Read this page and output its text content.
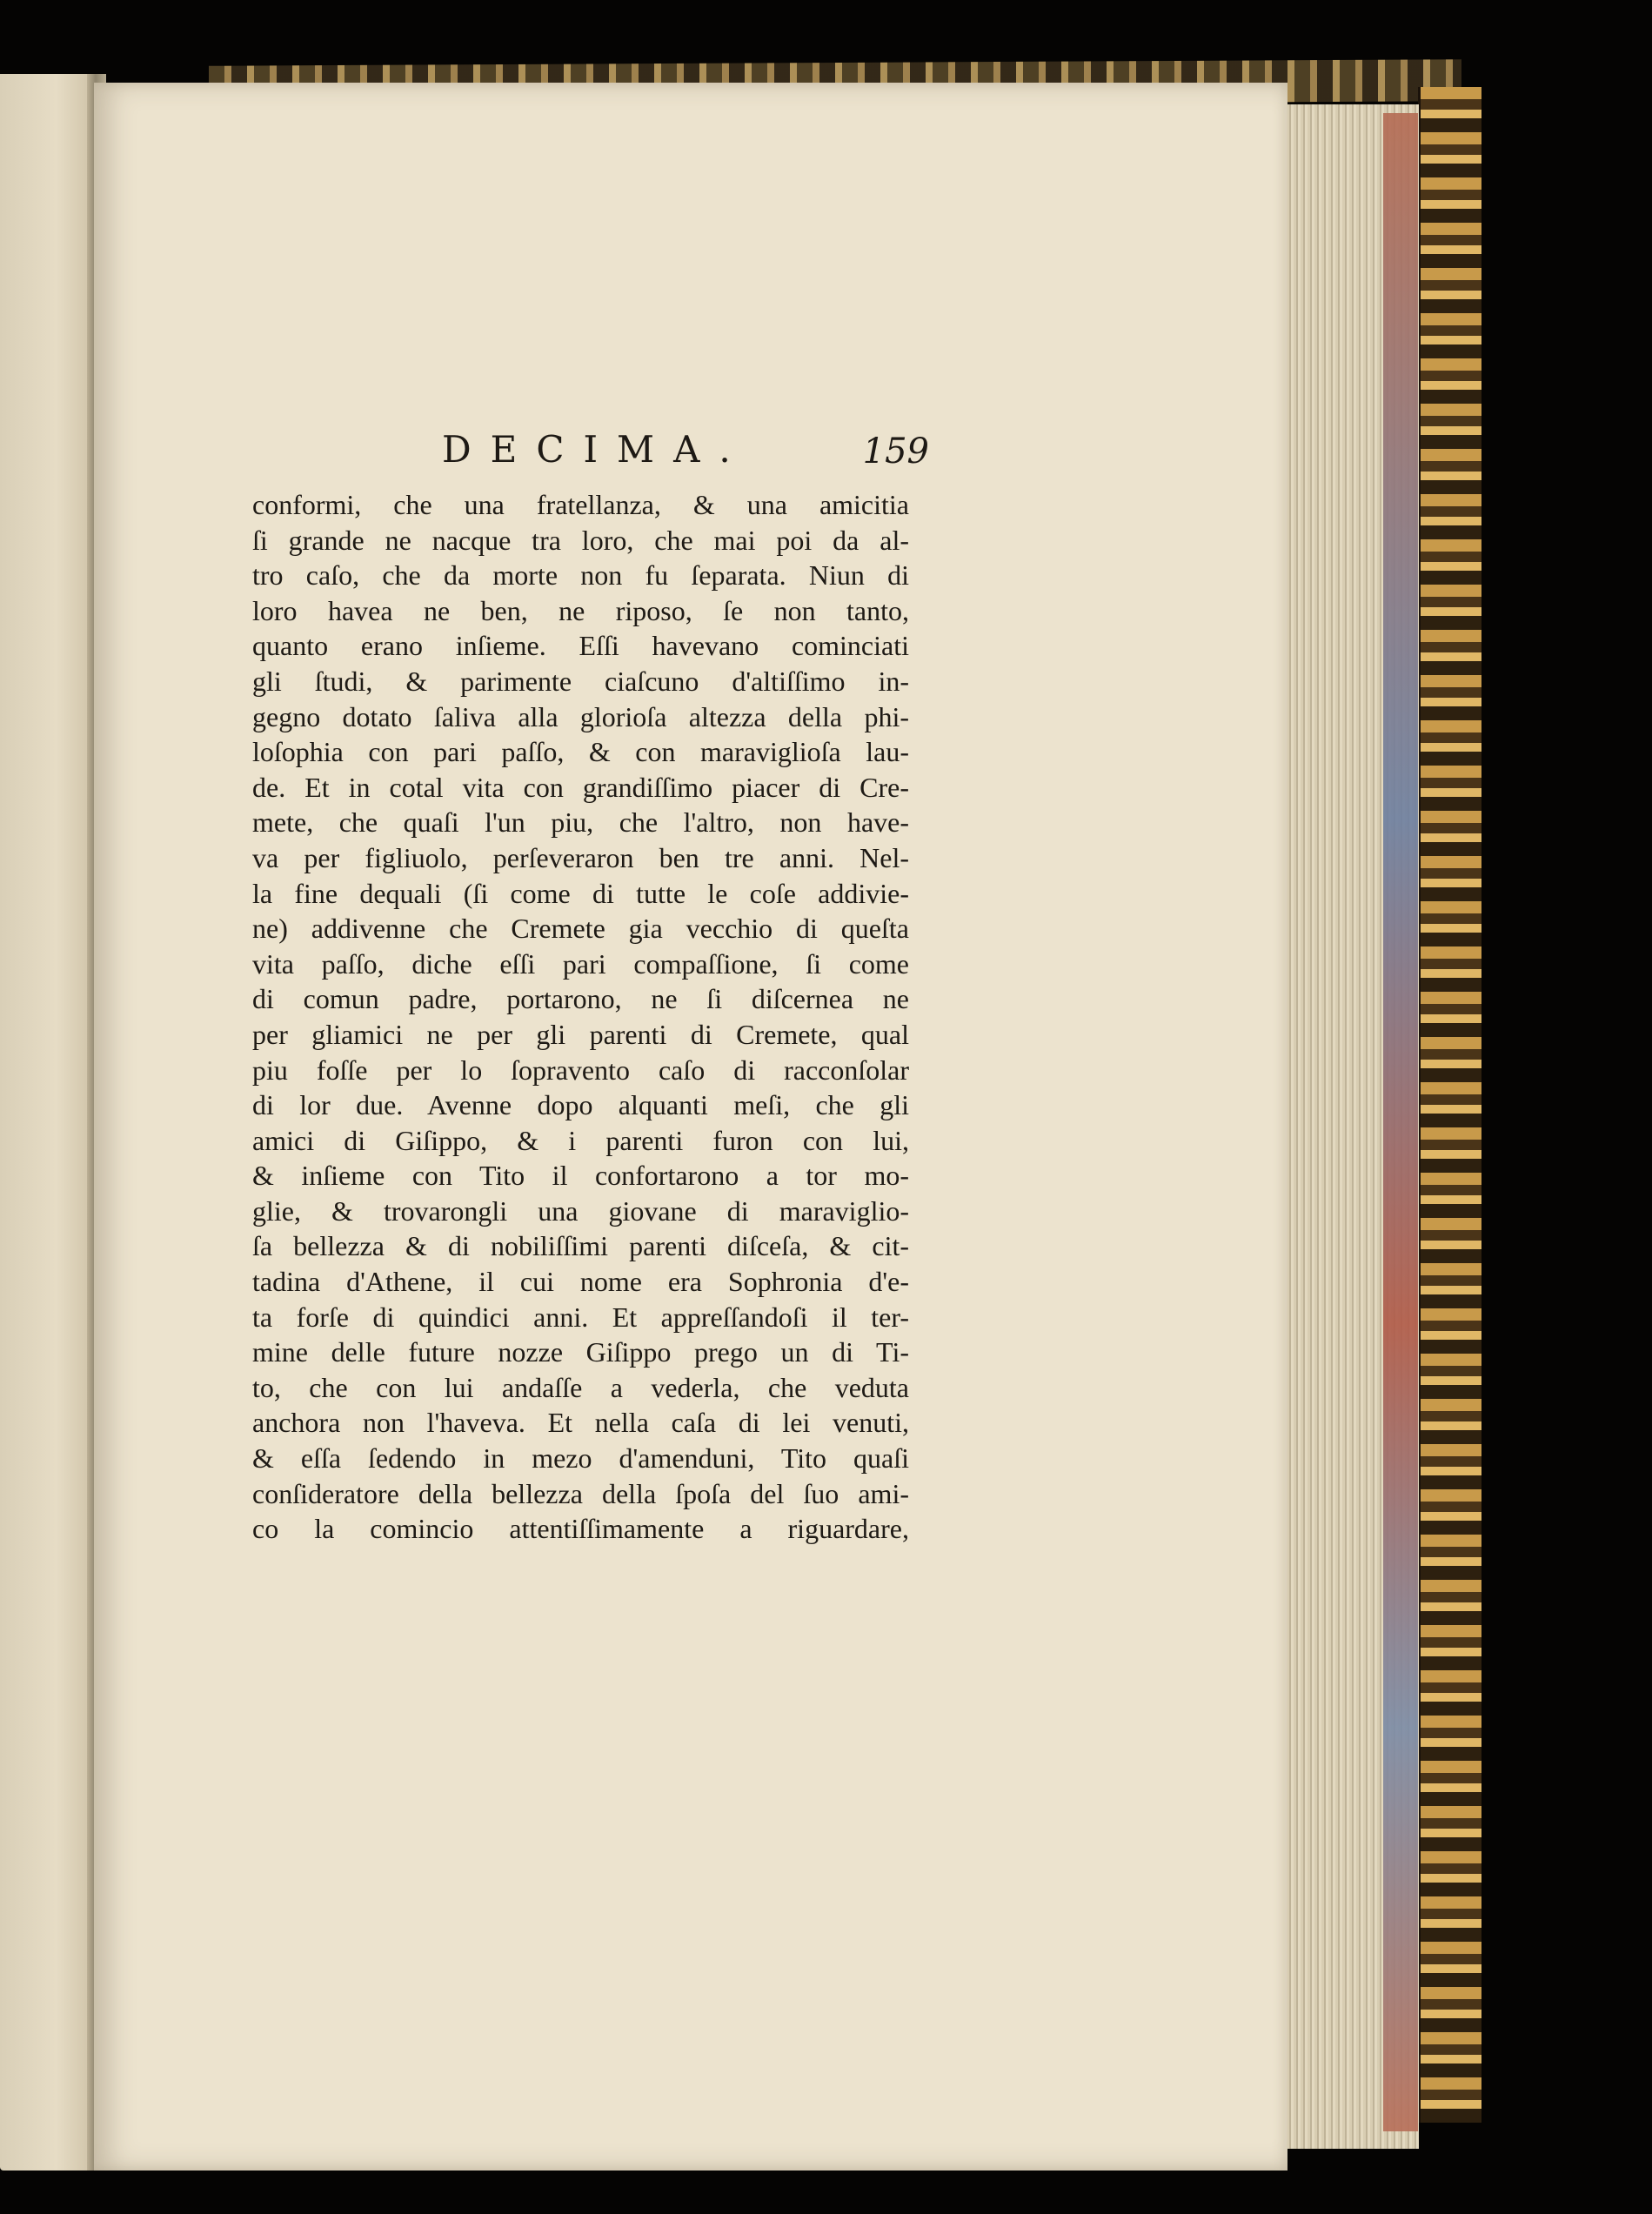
DECIMA.	159
conformi, che una fratellanza, & una amicitia
ſi grande ne nacque tra loro, che mai poi da al-
tro caſo, che da morte non fu ſeparata. Niun di
loro havea ne ben, ne riposo, ſe non tanto,
quanto erano inſieme. Eſſi havevano cominciati
gli ſtudi, & parimente ciaſcuno d'altiſſimo in-
gegno dotato ſaliva alla glorioſa altezza della phi-
loſophia con pari paſſo, & con maraviglioſa lau-
de. Et in cotal vita con grandiſſimo piacer di Cre-
mete, che quaſi l'un piu, che l'altro, non have-
va per figliuolo, perſeveraron ben tre anni. Nel-
la fine dequali (ſi come di tutte le coſe addivie-
ne) addivenne che Cremete gia vecchio di queſta
vita paſſo, diche eſſi pari compaſſione, ſi come
di comun padre, portarono, ne ſi diſcernea ne
per gliamici ne per gli parenti di Cremete, qual
piu foſſe per lo ſopravento caſo di racconſolar
di lor due. Avenne dopo alquanti meſi, che gli
amici di Giſippo, & i parenti furon con lui,
& inſieme con Tito il confortarono a tor mo-
glie, & trovarongli una giovane di maraviglio-
ſa bellezza & di nobiliſſimi parenti diſceſa, & cit-
tadina d'Athene, il cui nome era Sophronia d'e-
ta forſe di quindici anni. Et appreſſandoſi il ter-
mine delle future nozze Giſippo prego un di Ti-
to, che con lui andaſſe a vederla, che veduta
anchora non l'haveva. Et nella caſa di lei venuti,
& eſſa ſedendo in mezo d'amenduni, Tito quaſi
conſideratore della bellezza della ſpoſa del ſuo ami-
co la comincio attentiſſimamente a riguardare,
